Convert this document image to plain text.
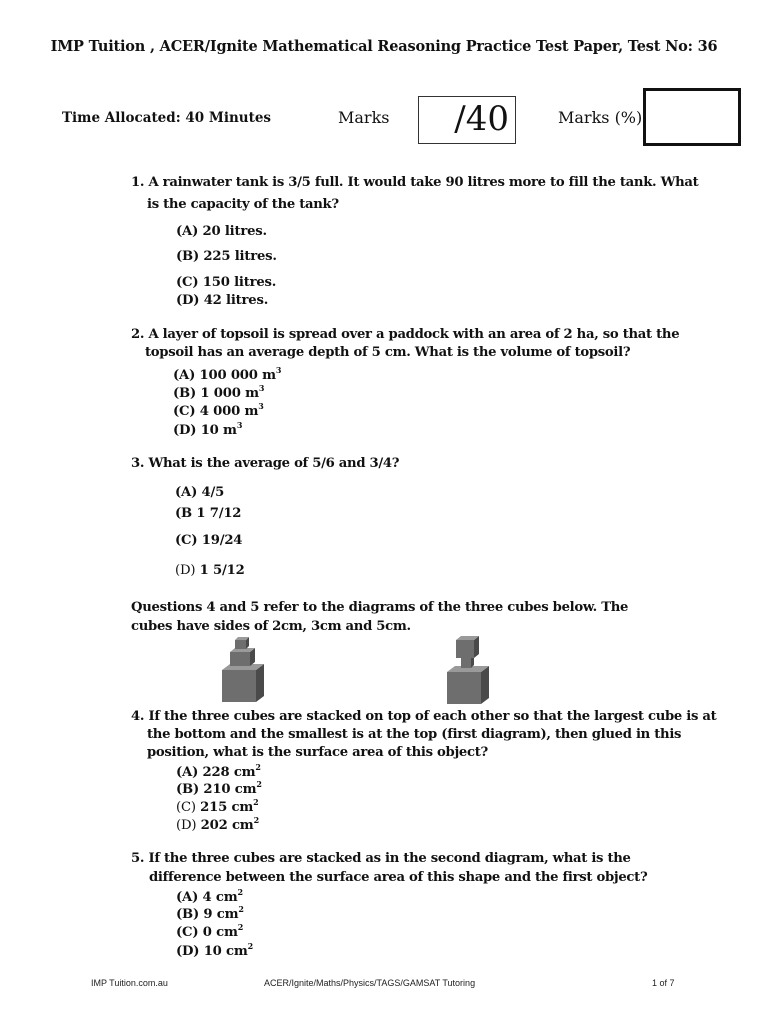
IMP Tuition , ACER/Ignite Mathematical Reasoning Practice Test Paper, Test No: 36
Time Allocated: 40 Minutes	Marks /40	Marks (%)
1. A rainwater tank is 3/5 full. It would take 90 litres more to fill the tank. What
is the capacity of the tank?
(A) 20 litres.
(B) 225 litres.
(C) 150 litres.
(D) 42 litres.
2. A layer of topsoil is spread over a paddock with an area of 2 ha, so that the
topsoil has an average depth of 5 cm. What is the volume of topsoil?
(A) 100 000 $m^3$
(B) 1 000 $m^3$
(C) 4 000 $m^3$
(D) 10 $m^3$
3. What is the average of 5/6 and 3/4?
(A) 4/5
(B 1 7/12
(C) 19/24
(D) 1 5/12
Questions 4 and 5 refer to the diagrams of the three cubes below. The
cubes have sides of 2cm, 3cm and 5cm.
4. If the three cubes are stacked on top of each other so that the largest cube is at
the bottom and the smallest is at the top (first diagram), then glued in this
position, what is the surface area of this object?
(A) 228 $cm^2$
(B) 210 $cm^2$
(C) 215 $cm^2$
(D) 202 $cm^2$
5. If the three cubes are stacked as in the second diagram, what is the
difference between the surface area of this shape and the first object?
(A) 4 $cm^2$
(B) 9 $cm^2$
(C) 0 $cm^2$
(D) 10 $cm^2$
IMP Tuition.com.au	ACER/Ignite/Maths/Physics/TAGS/GAMSAT Tutoring	1 of 7
